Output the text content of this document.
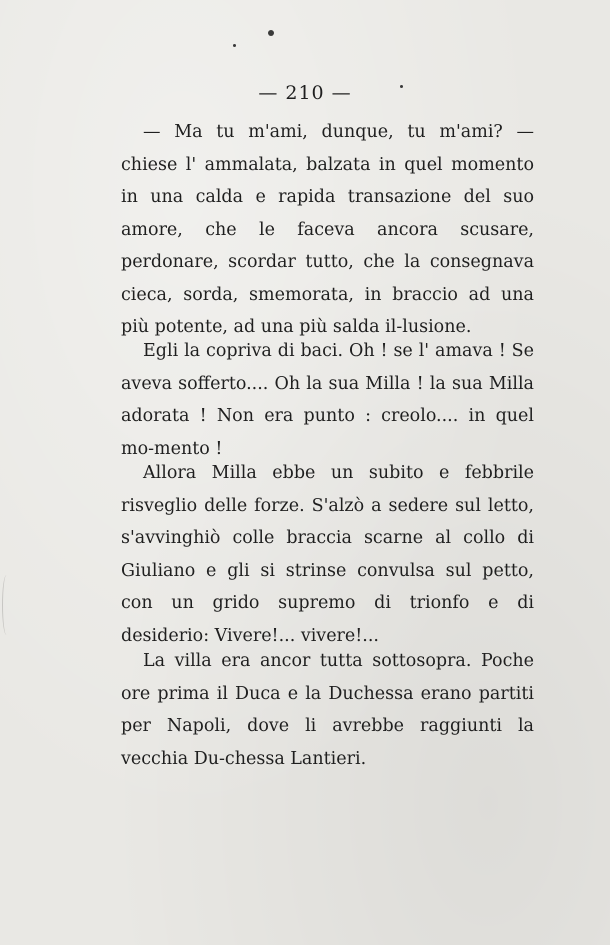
— 210 —

— Ma tu m'ami, dunque, tu m'ami? — chiese l' ammalata, balzata in quel momento in una calda e rapida transazione del suo amore, che le faceva ancora scusare, perdonare, scordar tutto, che la consegnava cieca, sorda, smemorata, in braccio ad una più potente, ad una più salda il-lusione.

Egli la copriva di baci. Oh ! se l' amava ! Se aveva sofferto.... Oh la sua Milla ! la sua Milla adorata ! Non era punto : creolo.... in quel mo-mento !

Allora Milla ebbe un subito e febbrile risveglio delle forze. S'alzò a sedere sul letto, s'avvinghiò colle braccia scarne al collo di Giuliano e gli si strinse convulsa sul petto, con un grido supremo di trionfo e di desiderio: Vivere!... vivere!...

La villa era ancor tutta sottosopra. Poche ore prima il Duca e la Duchessa erano partiti per Napoli, dove li avrebbe raggiunti la vecchia Du-chessa Lantieri.
